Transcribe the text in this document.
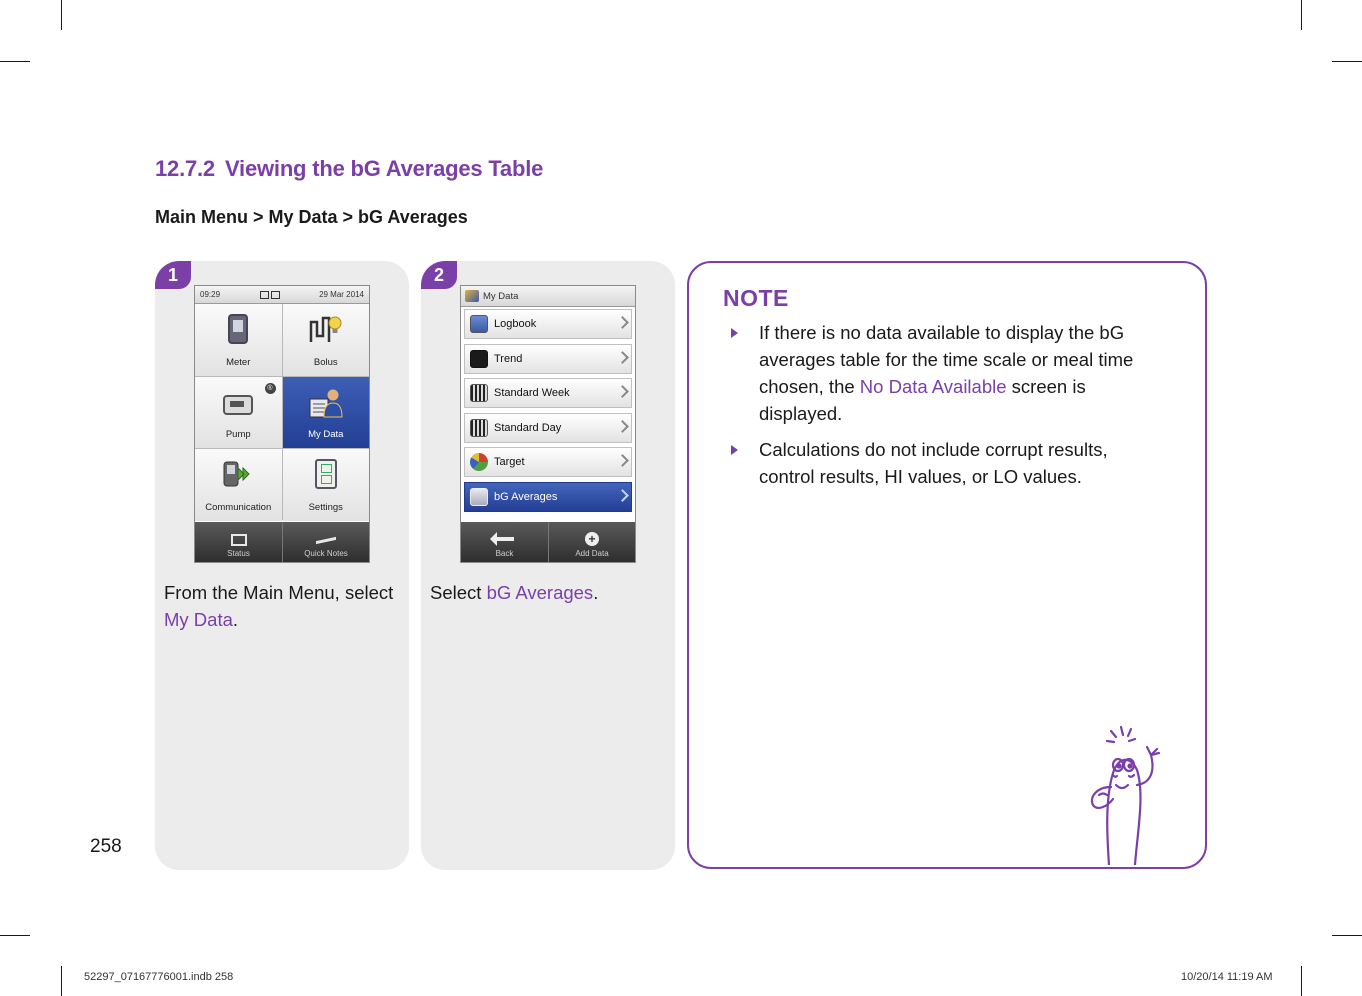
12.7.2 Viewing the bG Averages Table

Main Menu > My Data > bG Averages

1
09:29	29 Mar 2014
Meter	Bolus
®
Pump	My Data
Communication	Settings
Status	Quick Notes

From the Main Menu, select My Data.

2
My Data
Logbook
Trend
Standard Week
Standard Day
Target
bG Averages
Back
+
Add Data

Select bG Averages.

NOTE
If there is no data available to display the bG averages table for the time scale or meal time chosen, the No Data Available screen is displayed.
Calculations do not include corrupt results, control results, HI values, or LO values.

258

52297_07167776001.indb 258	10/20/14 11:19 AM
